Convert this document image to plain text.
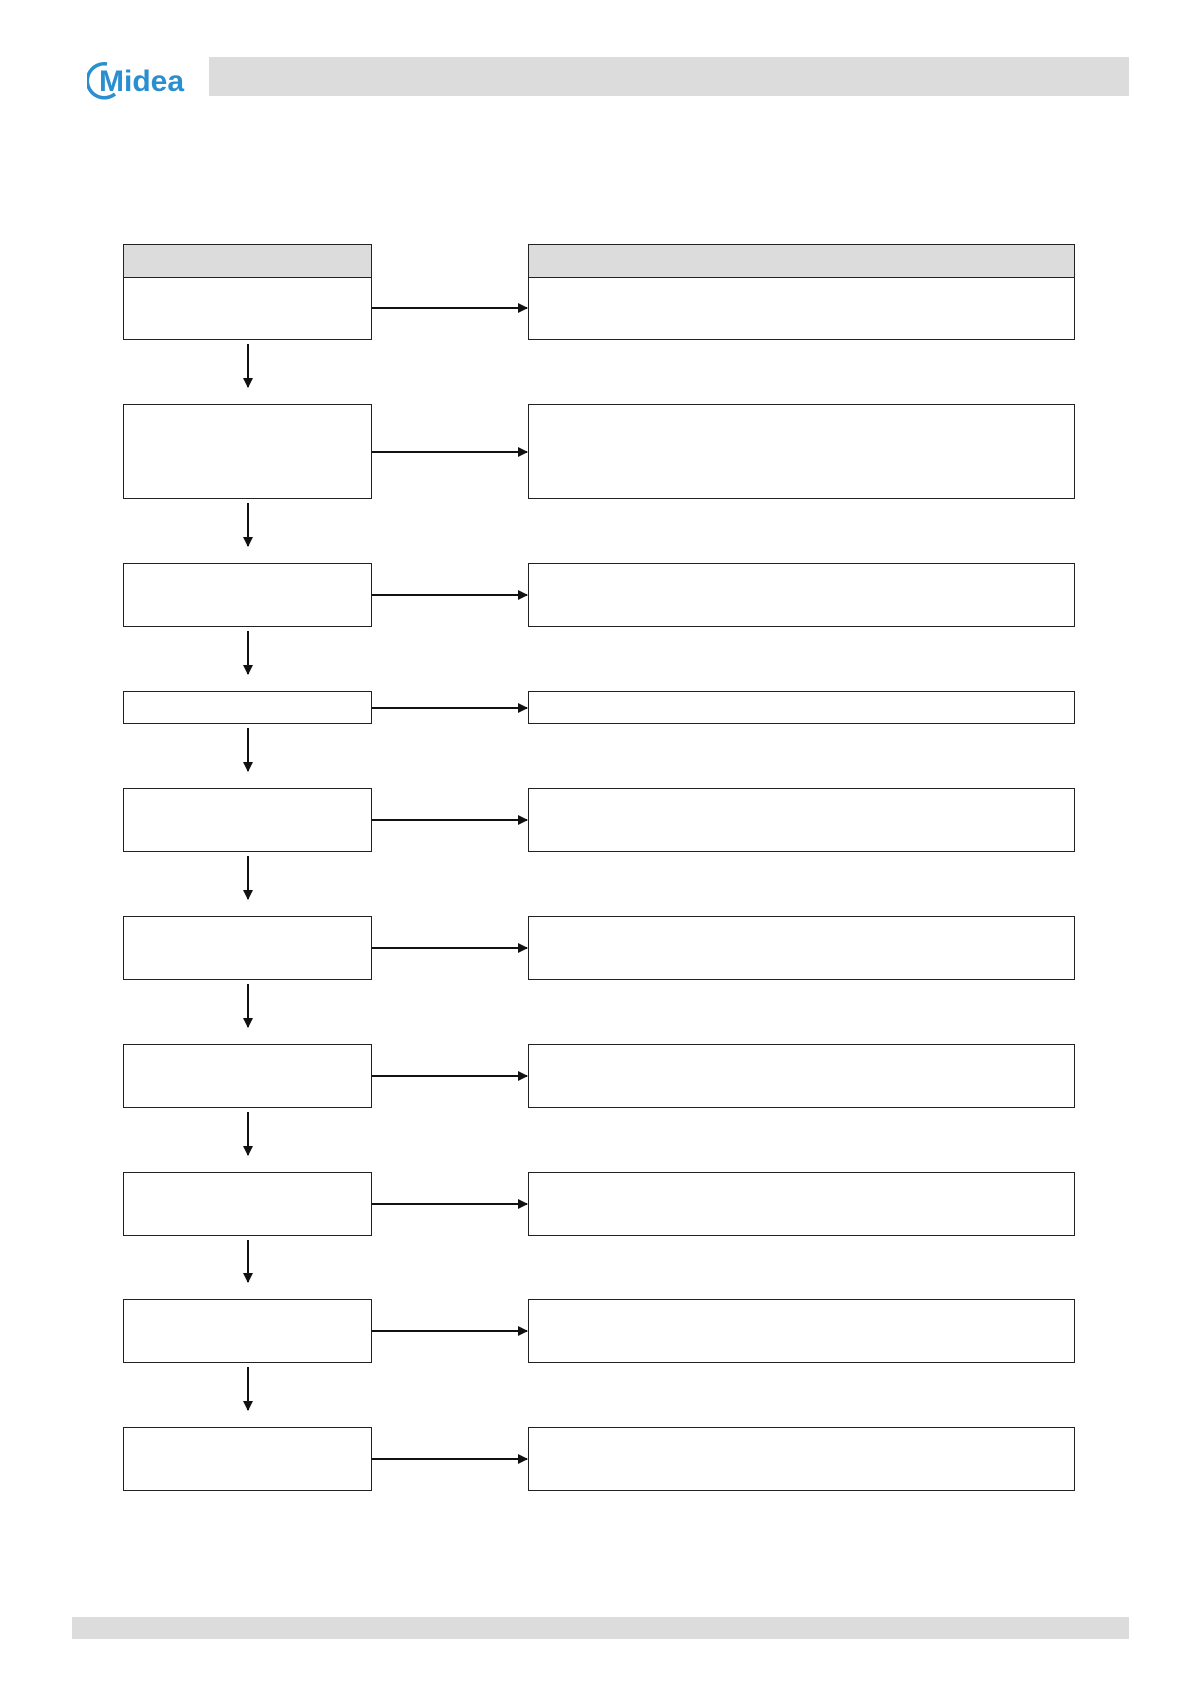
Midea
